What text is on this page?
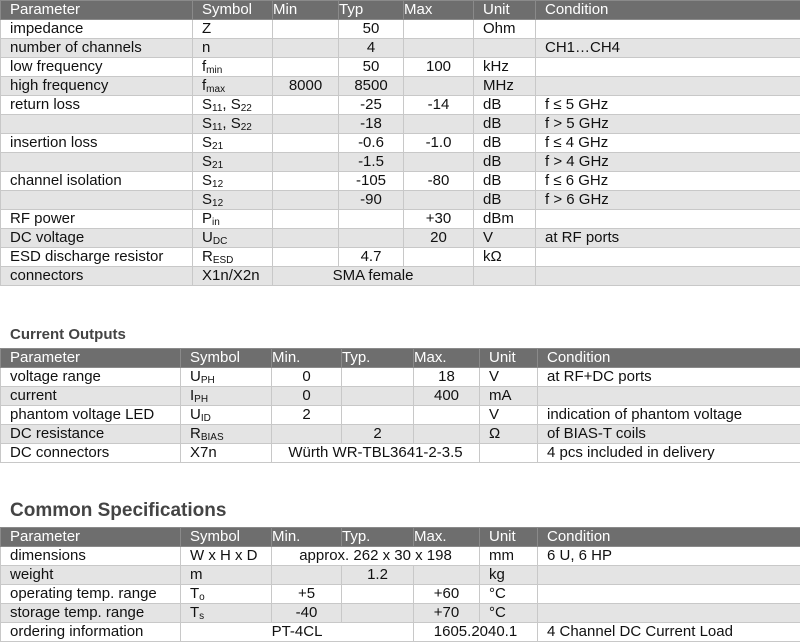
Parameter	Symbol	Min	Typ	Max	Unit	Condition
impedance	Z		50		Ohm	
number of channels	n		4			CH1…CH4
low frequency	$f_{min}$		50	100	kHz	
high frequency	$f_{max}$	8000	8500		MHz	
return loss	$S_{11}$, $S_{22}$		-25	-14	dB	f ≤ 5 GHz
	$S_{11}$, $S_{22}$		-18		dB	f > 5 GHz
insertion loss	$S_{21}$		-0.6	-1.0	dB	f ≤ 4 GHz
	$S_{21}$		-1.5		dB	f > 4 GHz
channel isolation	$S_{12}$		-105	-80	dB	f ≤ 6 GHz
	$S_{12}$		-90		dB	f > 6 GHz
RF power	$P_{in}$			+30	dBm	
DC voltage	$U_{DC}$			20	V	at RF ports
ESD discharge resistor	$R_{ESD}$		4.7		kΩ	
connectors	X1n/X2n	SMA female				
Current Outputs
Parameter	Symbol	Min.	Typ.	Max.	Unit	Condition
voltage range	$U_{PH}$	0		18	V	at RF+DC ports
current	$I_{PH}$	0		400	mA	
phantom voltage LED	$U_{ID}$	2			V	indication of phantom voltage
DC resistance	$R_{BIAS}$		2		Ω	of BIAS-T coils
DC connectors	X7n	Würth WR-TBL3641-2-3.5				4 pcs included in delivery
Common Specifications
Parameter	Symbol	Min.	Typ.	Max.	Unit	Condition
dimensions	W x H x D	approx. 262 x 30 x 198			mm	6 U, 6 HP
weight	m		1.2		kg	
operating temp. range	$T_o$	+5		+60	°C	
storage temp. range	$T_s$	-40		+70	°C	
ordering information	PT-4CL			1605.2040.1		4 Channel DC Current Load
